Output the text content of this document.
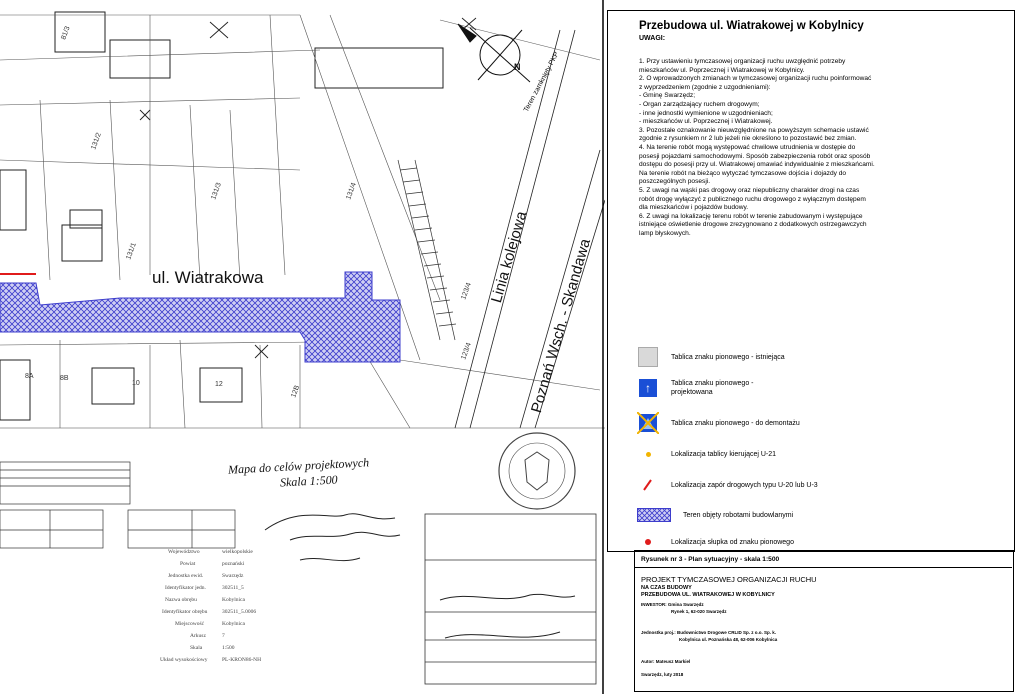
81/3
131/2
131/3
131/1
131/4
8A	8B
10	12
12B
123/4
123/4
Województwo	wielkopolskie
Powiat	poznański
Jednostka ewid.	Swarzędz
Identyfikator jedn.	302511_5
Nazwa obrębu	Kobylnica
Identyfikator obrębu	302511_5.0006
Miejscowość	Kobylnica
Arkusz	7
Skala	1:500
Układ wysokościowy	PL-KRON86-NH
ul. Wiatrakowa	Linia kolejowa
Poznań Wsch. - Skandawa
Teren zamknięty PKP
N
Mapa do celów projektowych
Skala 1:500
Przebudowa ul. Wiatrakowej w Kobylnicy
UWAGI:
1. Przy ustawieniu tymczasowej organizacji ruchu uwzględnić potrzeby
mieszkańców ul. Poprzecznej i Wiatrakowej w Kobylnicy.
2. O wprowadzonych zmianach w tymczasowej organizacji ruchu poinformować
z wyprzedzeniem (zgodnie z uzgodnieniami):
- Gminę Swarzędz;
- Organ zarządzający ruchem drogowym;
- inne jednostki wymienione w uzgodnieniach;
- mieszkańców ul. Poprzecznej i Wiatrakowej.
3. Pozostałe oznakowanie nieuwzględnione na powyższym schemacie ustawić
zgodnie z rysunkiem nr 2 lub jeżeli nie określono to pozostawić bez zmian.
4. Na terenie robót mogą występować chwilowe utrudnienia w dostępie do
posesji pojazdami samochodowymi. Sposób zabezpieczenia robót oraz sposób
dostępu do posesji przy ul. Wiatrakowej omawiać indywidualnie z mieszkańcami.
Na terenie robót na bieżąco wytyczać tymczasowe dojścia i dojazdy do
poszczególnych posesji.
5. Z uwagi na wąski pas drogowy oraz niepubliczny charakter drogi na czas
robót drogę wyłączyć z publicznego ruchu drogowego z wyłącznym dostępem
dla mieszkańców i pojazdów budowy.
6. Z uwagi na lokalizację terenu robót w terenie zabudowanym i występujące
istniejące oświetlenie drogowe zrezygnowano z dodatkowych ostrzegawczych
lamp błyskowych.
Tablica znaku pionowego - istniejąca
↑	Tablica znaku pionowego - projektowana
Tablica znaku pionowego - do demontażu
Lokalizacja tablicy kierującej U-21
Lokalizacja zapór drogowych typu U-20 lub U-3
Teren objęty robotami budowlanymi
Lokalizacja słupka od znaku pionowego
Rysunek nr 3 - Plan sytuacyjny - skala 1:500
PROJEKT TYMCZASOWEJ ORGANIZACJI RUCHU
NA CZAS BUDOWY
PRZEBUDOWA UL. WIATRAKOWEJ W KOBYLNICY
INWESTOR: Gmina Swarzędz
Rynek 1, 62-020 Swarzędz
Jednostka proj.: Budownictwo Drogowe CRLID Sp. z o.o. Sp. k.
Kobylnica ul. Poznańska 48, 62-006 Kobylnica
Autor: Mateusz Markiel
Swarzędz, luty 2018
